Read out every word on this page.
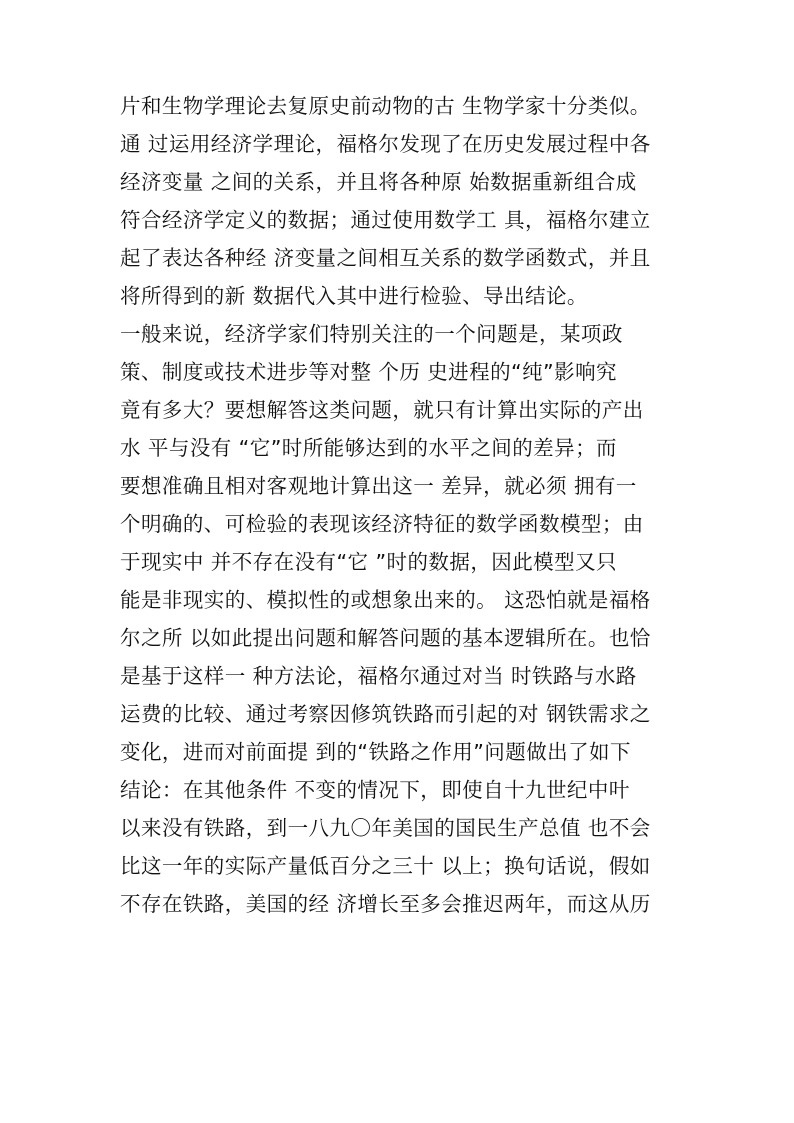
片和生物学理论去复原史前动物的古 生物学家十分类似。
通 过运用经济学理论，福格尔发现了在历史发展过程中各
经济变量 之间的关系，并且将各种原 始数据重新组合成
符合经济学定义的数据；通过使用数学工 具，福格尔建立
起了表达各种经 济变量之间相互关系的数学函数式，并且
将所得到的新 数据代入其中进行检验、导出结论。
一般来说，经济学家们特别关注的一个问题是，某项政
策、制度或技术进步等对整 个历 史进程的“纯”影响究
竟有多大？要想解答这类问题，就只有计算出实际的产出
水 平与没有 “它”时所能够达到的水平之间的差异；而
要想准确且相对客观地计算出这一 差异，就必须 拥有一
个明确的、可检验的表现该经济特征的数学函数模型；由
于现实中 并不存在没有“它 ”时的数据，因此模型又只
能是非现实的、模拟性的或想象出来的。 这恐怕就是福格
尔之所 以如此提出问题和解答问题的基本逻辑所在。也恰
是基于这样一 种方法论，福格尔通过对当 时铁路与水路
运费的比较、通过考察因修筑铁路而引起的对 钢铁需求之
变化，进而对前面提 到的“铁路之作用”问题做出了如下
结论：在其他条件 不变的情况下，即使自十九世纪中叶
以来没有铁路，到一八九〇年美国的国民生产总值 也不会
比这一年的实际产量低百分之三十 以上；换句话说，假如
不存在铁路，美国的经 济增长至多会推迟两年，而这从历
